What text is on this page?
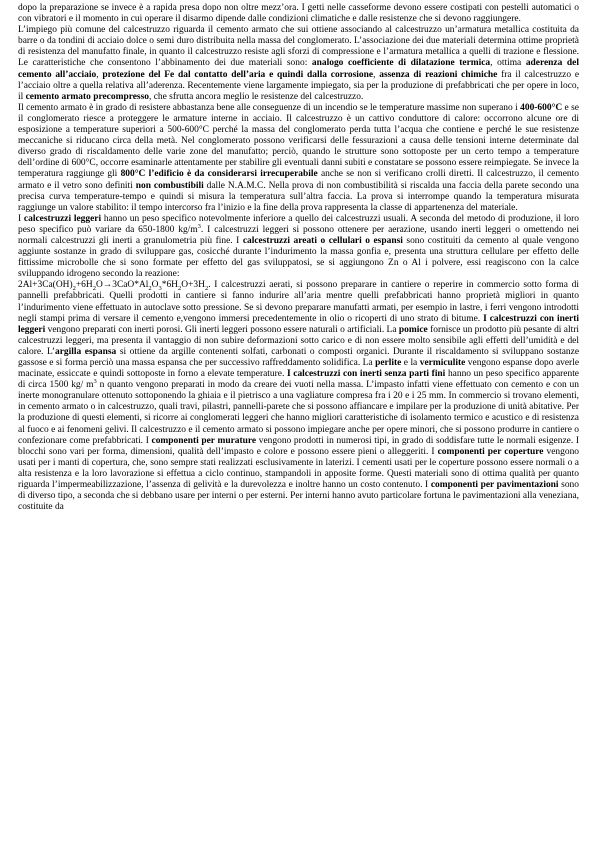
dopo la preparazione se invece è a rapida presa dopo non oltre mezz’ora. I getti nelle casseforme devono essere costipati con pestelli automatici o con vibratori e il momento in cui operare il disarmo dipende dalle condizioni climatiche e dalle resistenze che si devono raggiungere.

L’impiego più comune del calcestruzzo riguarda il cemento armato che sui ottiene associando al calcestruzzo un’armatura metallica costituita da barre o da tondini di acciaio dolce o semi duro distribuita nella massa del conglomerato. L’associazione dei due materiali determina ottime proprietà di resistenza del manufatto finale, in quanto il calcestruzzo resiste agli sforzi di compressione e l’armatura metallica a quelli di trazione e flessione. Le caratteristiche che consentono l’abbinamento dei due materiali sono: analogo coefficiente di dilatazione termica, ottima aderenza del cemento all’acciaio, protezione del Fe dal contatto dell’aria e quindi dalla corrosione, assenza di reazioni chimiche fra il calcestruzzo e l’acciaio oltre a quella relativa all’aderenza. Recentemente viene largamente impiegato, sia per la produzione di prefabbricati che per opere in loco, il cemento armato precompresso, che sfrutta ancora meglio le resistenze del calcestruzzo.

Il cemento armato è in grado di resistere abbastanza bene alle conseguenze di un incendio se le temperature massime non superano i 400-600°C e se il conglomerato riesce a proteggere le armature interne in acciaio. Il calcestruzzo è un cattivo conduttore di calore: occorrono alcune ore di esposizione a temperature superiori a 500-600°C perché la massa del conglomerato perda tutta l’acqua che contiene e perché le sue resistenze meccaniche si riducano circa della metà. Nel conglomerato possono verificarsi delle fessurazioni a causa delle tensioni interne determinate dal diverso grado di riscaldamento delle varie zone del manufatto; perciò, quando le strutture sono sottoposte per un certo tempo a temperature dell’ordine di 600°C, occorre esaminarle attentamente per stabilire gli eventuali danni subiti e constatare se possono essere reimpiegate. Se invece la temperatura raggiunge gli 800°C l’edificio è da considerarsi irrecuperabile anche se non si verificano crolli diretti. Il calcestruzzo, il cemento armato e il vetro sono definiti non combustibili dalle N.A.M.C. Nella prova di non combustibilità si riscalda una faccia della parete secondo una precisa curva temperature-tempo e quindi si misura la temperatura sull’altra faccia. La prova si interrompe quando la temperatura misurata raggiunge un valore stabilito: il tempo intercorso fra l’inizio e la fine della prova rappresenta la classe di appartenenza del materiale.

I calcestruzzi leggeri hanno un peso specifico notevolmente inferiore a quello dei calcestruzzi usuali. A seconda del metodo di produzione, il loro peso specifico può variare da 650-1800 $kg/m^3$. I calcestruzzi leggeri si possono ottenere per aerazione, usando inerti leggeri o omettendo nei normali calcestruzzi gli inerti a granulometria più fine. I calcestruzzi areati o cellulari o espansi sono costituiti da cemento al quale vengono aggiunte sostanze in grado di sviluppare gas, cosicché durante l’indurimento la massa gonfia e, presenta una struttura cellulare per effetto delle fittissime microbolle che si sono formate per effetto del gas sviluppatosi, se si aggiungono Zn o Al i polvere, essi reagiscono con la calce sviluppando idrogeno secondo la reazione:

$2Al+3Ca(OH)_2+6H_2O\to 3CaO*Al_2O_3*6H_2O+3H_2$. I calcestruzzi aerati, si possono preparare in cantiere o reperire in commercio sotto forma di pannelli prefabbricati. Quelli prodotti in cantiere si fanno indurire all’aria mentre quelli prefabbricati hanno proprietà migliori in quanto l’indurimento viene effettuato in autoclave sotto pressione. Se si devono preparare manufatti armati, per esempio in lastre, i ferri vengono introdotti negli stampi prima di versare il cemento e,vengono immersi precedentemente in olio o ricoperti di uno strato di bitume. I calcestruzzi con inerti leggeri vengono preparati con inerti porosi. Gli inerti leggeri possono essere naturali o artificiali. La pomice fornisce un prodotto più pesante di altri calcestruzzi leggeri, ma presenta il vantaggio di non subire deformazioni sotto carico e di non essere molto sensibile agli effetti dell’umidità e del calore. L’argilla espansa si ottiene da argille contenenti solfati, carbonati o composti organici. Durante il riscaldamento si sviluppano sostanze gassose e si forma perciò una massa espansa che per successivo raffreddamento solidifica. La perlite e la vermiculite vengono espanse dopo averle macinate, essiccate e quindi sottoposte in forno a elevate temperature. I calcestruzzi con inerti senza parti fini hanno un peso specifico apparente di circa 1500 kg/ $m^3$ n quanto vengono preparati in modo da creare dei vuoti nella massa. L’impasto infatti viene effettuato con cemento e con un inerte monogranulare ottenuto sottoponendo la ghiaia e il pietrisco a una vagliature compresa fra i 20 e i 25 mm. In commercio si trovano elementi, in cemento armato o in calcestruzzo, quali travi, pilastri, pannelli-parete che si possono affiancare e impilare per la produzione di unità abitative. Per la produzione di questi elementi, si ricorre ai conglomerati leggeri che hanno migliori caratteristiche di isolamento termico e acustico e di resistenza al fuoco e ai fenomeni gelivi. Il calcestruzzo e il cemento armato si possono impiegare anche per opere minori, che si possono produrre in cantiere o confezionare come prefabbricati. I componenti per murature vengono prodotti in numerosi tipi, in grado di soddisfare tutte le normali esigenze. I blocchi sono vari per forma, dimensioni, qualità dell’impasto e colore e possono essere pieni o alleggeriti. I componenti per coperture vengono usati per i manti di copertura, che, sono sempre stati realizzati esclusivamente in laterizi. I cementi usati per le coperture possono essere normali o a alta resistenza e la loro lavorazione si effettua a ciclo continuo, stampandoli in apposite forme. Questi materiali sono di ottima qualità per quanto riguarda l’impermeabilizzazione, l’assenza di gelività e la durevolezza e inoltre hanno un costo contenuto. I componenti per pavimentazioni sono di diverso tipo, a seconda che si debbano usare per interni o per esterni. Per interni hanno avuto particolare fortuna le pavimentazioni alla veneziana, costituite da
